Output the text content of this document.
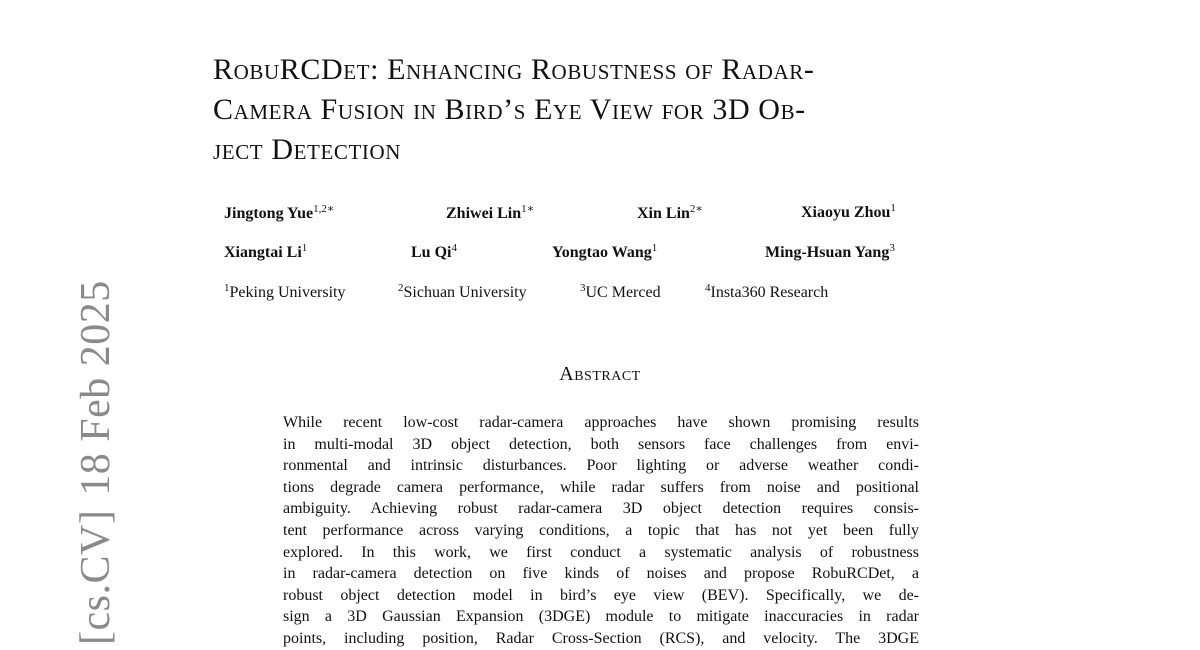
[cs.CV]18 Feb 2025
RobuRCDet: Enhancing Robustness of Radar-
Camera Fusion in Bird’s Eye View for 3D Ob-
ject Detection
Jingtong Yue$^{1,2∗}$	Zhiwei Lin$^{1∗}$	Xin Lin$^{2∗}$	Xiaoyu Zhou$^1$
Xiangtai Li$^1$	Lu Qi$^4$	Yongtao Wang$^1$	Ming-Hsuan Yang$^3$
$^1$Peking University	$^2$Sichuan University	$^3$UC Merced	$^4$Insta360 Research
Abstract
While recent low-cost radar-camera approaches have shown promising results
in multi-modal 3D object detection, both sensors face challenges from envi-
ronmental and intrinsic disturbances. Poor lighting or adverse weather condi-
tions degrade camera performance, while radar suffers from noise and positional
ambiguity. Achieving robust radar-camera 3D object detection requires consis-
tent performance across varying conditions, a topic that has not yet been fully
explored. In this work, we first conduct a systematic analysis of robustness
in radar-camera detection on five kinds of noises and propose RobuRCDet, a
robust object detection model in bird’s eye view (BEV). Specifically, we de-
sign a 3D Gaussian Expansion (3DGE) module to mitigate inaccuracies in radar
points, including position, Radar Cross-Section (RCS), and velocity. The 3DGE
